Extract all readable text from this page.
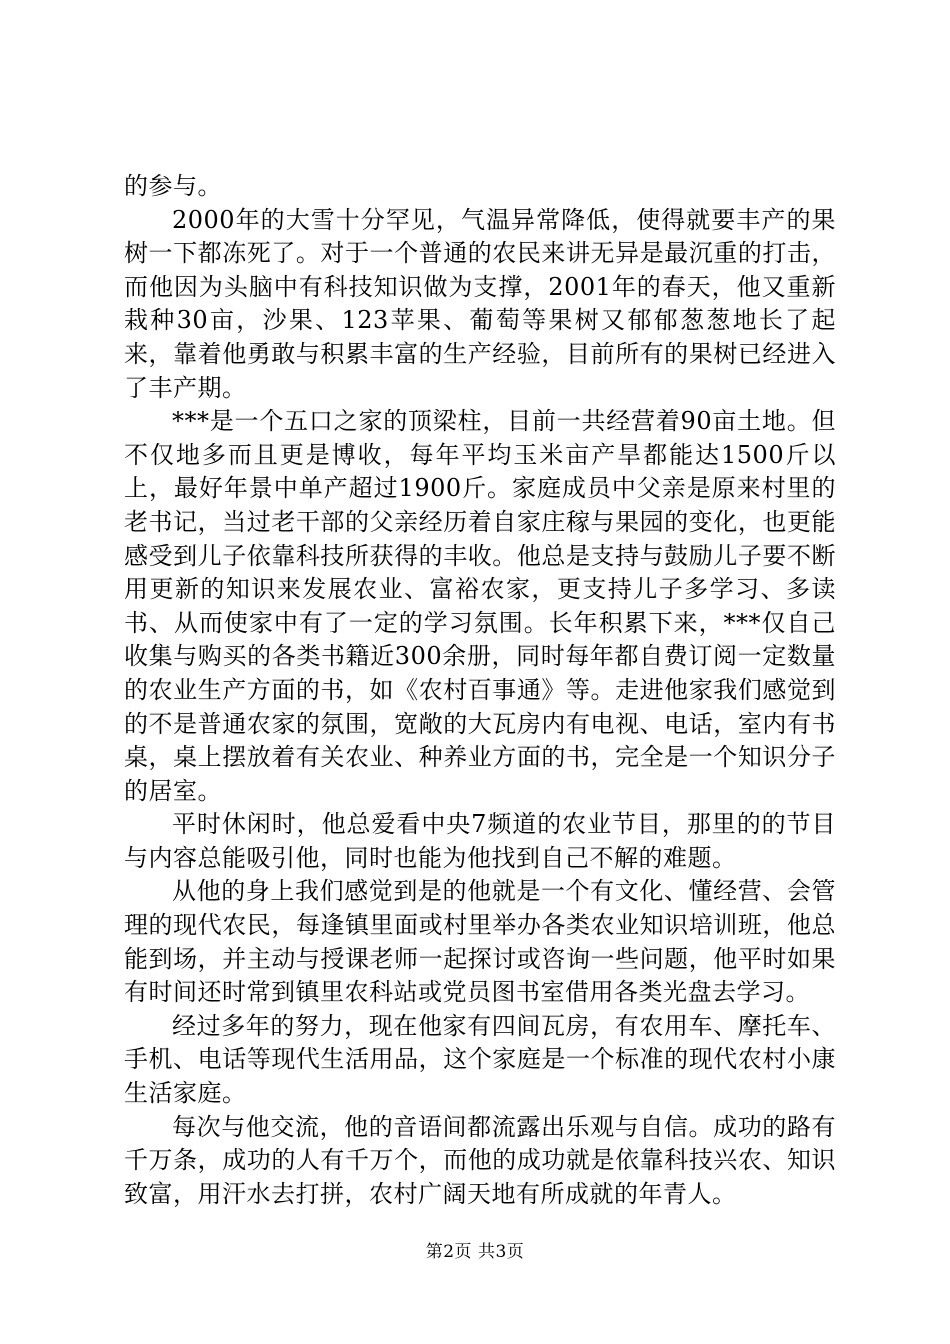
的参与。

2000年的大雪十分罕见，气温异常降低，使得就要丰产的果树一下都冻死了。对于一个普通的农民来讲无异是最沉重的打击，而他因为头脑中有科技知识做为支撑，2001年的春天，他又重新栽种30亩，沙果、123苹果、葡萄等果树又郁郁葱葱地长了起来，靠着他勇敢与积累丰富的生产经验，目前所有的果树已经进入了丰产期。

***是一个五口之家的顶梁柱，目前一共经营着90亩土地。但不仅地多而且更是博收，每年平均玉米亩产旱都能达1500斤以上，最好年景中单产超过1900斤。家庭成员中父亲是原来村里的老书记，当过老干部的父亲经历着自家庄稼与果园的变化，也更能感受到儿子依靠科技所获得的丰收。他总是支持与鼓励儿子要不断用更新的知识来发展农业、富裕农家，更支持儿子多学习、多读书、从而使家中有了一定的学习氛围。长年积累下来，***仅自己收集与购买的各类书籍近300余册，同时每年都自费订阅一定数量的农业生产方面的书，如《农村百事通》等。走进他家我们感觉到的不是普通农家的氛围，宽敞的大瓦房内有电视、电话，室内有书桌，桌上摆放着有关农业、种养业方面的书，完全是一个知识分子的居室。

平时休闲时，他总爱看中央7频道的农业节目，那里的的节目与内容总能吸引他，同时也能为他找到自己不解的难题。

从他的身上我们感觉到是的他就是一个有文化、懂经营、会管理的现代农民，每逢镇里面或村里举办各类农业知识培训班，他总能到场，并主动与授课老师一起探讨或咨询一些问题，他平时如果有时间还时常到镇里农科站或党员图书室借用各类光盘去学习。

经过多年的努力，现在他家有四间瓦房，有农用车、摩托车、手机、电话等现代生活用品，这个家庭是一个标准的现代农村小康生活家庭。

每次与他交流，他的音语间都流露出乐观与自信。成功的路有千万条，成功的人有千万个，而他的成功就是依靠科技兴农、知识致富，用汗水去打拼，农村广阔天地有所成就的年青人。

第2页 共3页
